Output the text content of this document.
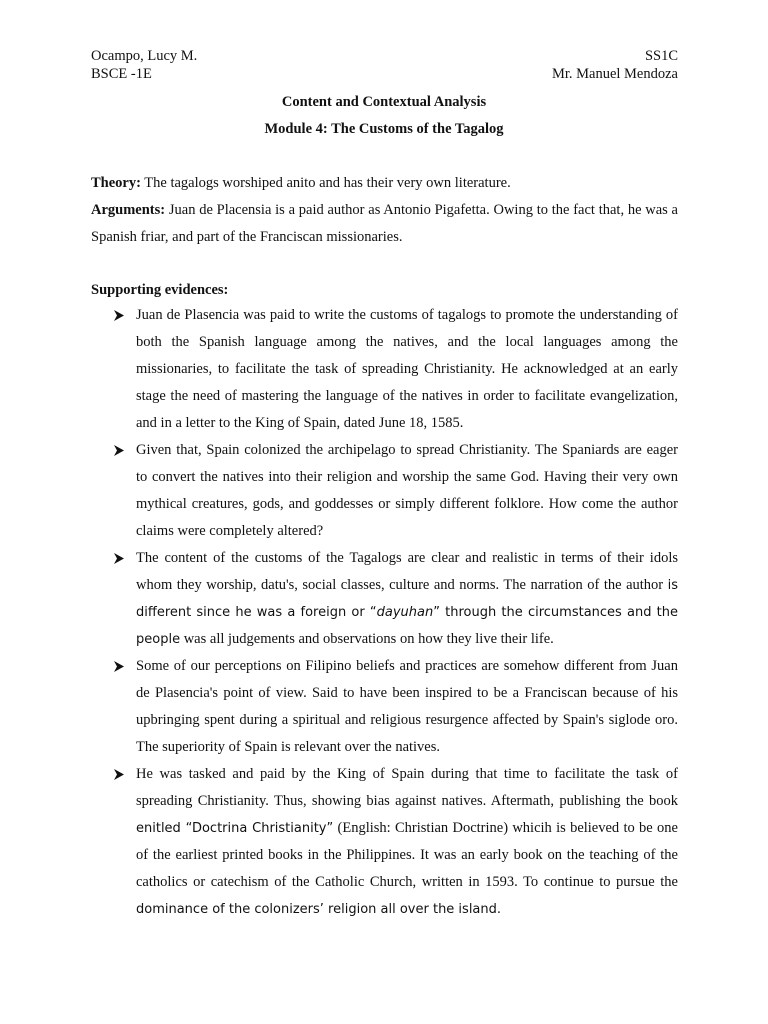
Ocampo, Lucy M.	SS1C
BSCE -1E	Mr. Manuel Mendoza
Content and Contextual Analysis
Module 4: The Customs of the Tagalog

Theory: The tagalogs worshiped anito and has their very own literature.

Arguments: Juan de Placensia is a paid author as Antonio Pigafetta. Owing to the fact that, he was a Spanish friar, and part of the Franciscan missionaries.

Supporting evidences:

Juan de Plasencia was paid to write the customs of tagalogs to promote the understanding of both the Spanish language among the natives, and the local languages among the missionaries, to facilitate the task of spreading Christianity. He acknowledged at an early stage the need of mastering the language of the natives in order to facilitate evangelization, and in a letter to the King of Spain, dated June 18, 1585.
Given that, Spain colonized the archipelago to spread Christianity. The Spaniards are eager to convert the natives into their religion and worship the same God. Having their very own mythical creatures, gods, and goddesses or simply different folklore. How come the author claims were completely altered?
The content of the customs of the Tagalogs are clear and realistic in terms of their idols whom they worship, datu's, social classes, culture and norms. The narration of the author is different since he was a foreign or “dayuhan” through the circumstances and the people was all judgements and observations on how they live their life.
Some of our perceptions on Filipino beliefs and practices are somehow different from Juan de Plasencia's point of view. Said to have been inspired to be a Franciscan because of his upbringing spent during a spiritual and religious resurgence affected by Spain's siglode oro. The superiority of Spain is relevant over the natives.
He was tasked and paid by the King of Spain during that time to facilitate the task of spreading Christianity. Thus, showing bias against natives. Aftermath, publishing the book enitled “Doctrina Christianity” (English: Christian Doctrine) whicih is believed to be one of the earliest printed books in the Philippines. It was an early book on the teaching of the catholics or catechism of the Catholic Church, written in 1593. To continue to pursue the dominance of the colonizers’ religion all over the island.
